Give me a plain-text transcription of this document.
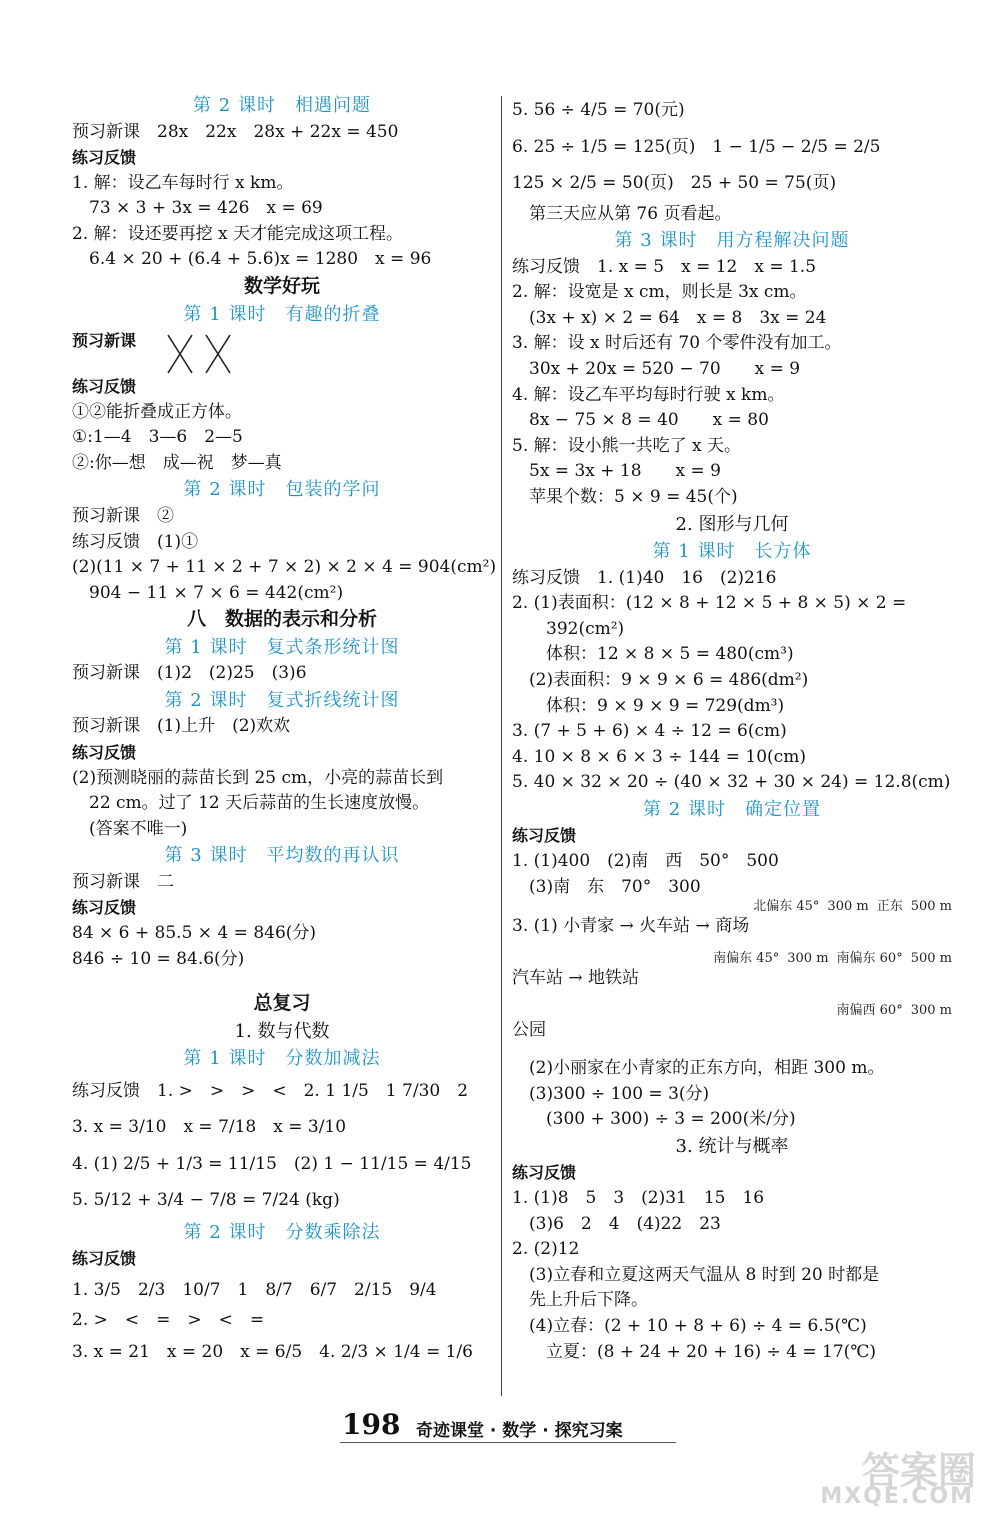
第 2 课时　相遇问题
预习新课　28x　22x　28x + 22x = 450
练习反馈
1. 解：设乙车每时行 x km。
　73 × 3 + 3x = 426　x = 69
2. 解：设还要再挖 x 天才能完成这项工程。
　6.4 × 20 + (6.4 + 5.6)x = 1280　x = 96
数学好玩
第 1 课时　有趣的折叠
预习新课
练习反馈
①②能折叠成正方体。
①:1—4　3—6　2—5
②:你—想　成—祝　梦—真
第 2 课时　包装的学问
预习新课　②
练习反馈　(1)①
(2)(11 × 7 + 11 × 2 + 7 × 2) × 2 × 4 = 904(cm²)
　904 − 11 × 7 × 6 = 442(cm²)
八　数据的表示和分析
第 1 课时　复式条形统计图
预习新课　(1)2　(2)25　(3)6
第 2 课时　复式折线统计图
预习新课　(1)上升　(2)欢欢
练习反馈
(2)预测晓丽的蒜苗长到 25 cm，小亮的蒜苗长到
　22 cm。过了 12 天后蒜苗的生长速度放慢。
　(答案不唯一)
第 3 课时　平均数的再认识
预习新课　二
练习反馈
84 × 6 + 85.5 × 4 = 846(分)
846 ÷ 10 = 84.6(分)
总复习
1. 数与代数
第 1 课时　分数加减法
练习反馈　1. >　>　>　<　2. 1 1/5　1 7/30　2
3. x = 3/10　x = 7/18　x = 3/10
4. (1) 2/5 + 1/3 = 11/15　(2) 1 − 11/15 = 4/15
5. 5/12 + 3/4 − 7/8 = 7/24 (kg)
第 2 课时　分数乘除法
练习反馈
1. 3/5　2/3　10/7　1　8/7　6/7　2/15　9/4
2. >　<　=　>　<　=
3. x = 21　x = 20　x = 6/5　4. 2/3 × 1/4 = 1/6
5. 56 ÷ 4/5 = 70(元)
6. 25 ÷ 1/5 = 125(页)　1 − 1/5 − 2/5 = 2/5
125 × 2/5 = 50(页)　25 + 50 = 75(页)
　第三天应从第 76 页看起。
第 3 课时　用方程解决问题
练习反馈　1. x = 5　x = 12　x = 1.5
2. 解：设宽是 x cm，则长是 3x cm。
　(3x + x) × 2 = 64　x = 8　3x = 24
3. 解：设 x 时后还有 70 个零件没有加工。
　30x + 20x = 520 − 70　　x = 9
4. 解：设乙车平均每时行驶 x km。
　8x − 75 × 8 = 40　　x = 80
5. 解：设小熊一共吃了 x 天。
　5x = 3x + 18　　x = 9
　苹果个数：5 × 9 = 45(个)
2. 图形与几何
第 1 课时　长方体
练习反馈　1. (1)40　16　(2)216
2. (1)表面积：(12 × 8 + 12 × 5 + 8 × 5) × 2 =
　　392(cm²)
　　体积：12 × 8 × 5 = 480(cm³)
　(2)表面积：9 × 9 × 6 = 486(dm²)
　　体积：9 × 9 × 9 = 729(dm³)
3. (7 + 5 + 6) × 4 ÷ 12 = 6(cm)
4. 10 × 8 × 6 × 3 ÷ 144 = 10(cm)
5. 40 × 32 × 20 ÷ (40 × 32 + 30 × 24) = 12.8(cm)
第 2 课时　确定位置
练习反馈
1. (1)400　(2)南　西　50°　500
　(3)南　东　70°　300
3. (1) 小青家 → 火车站 → 商场
北偏东 45° 300 m 正东 500 m
汽车站 → 地铁站
南偏东 45° 300 m 南偏东 60° 500 m
公园
南偏西 60° 300 m
　(2)小丽家在小青家的正东方向，相距 300 m。
　(3)300 ÷ 100 = 3(分)
　　(300 + 300) ÷ 3 = 200(米/分)
3. 统计与概率
练习反馈
1. (1)8　5　3　(2)31　15　16
　(3)6　2　4　(4)22　23
2. (2)12
　(3)立春和立夏这两天气温从 8 时到 20 时都是
　先上升后下降。
　(4)立春：(2 + 10 + 8 + 6) ÷ 4 = 6.5(℃)
　　立夏：(8 + 24 + 20 + 16) ÷ 4 = 17(℃)
198 奇迹课堂 · 数学 · 探究习案
答案圈
MXQE.COM
